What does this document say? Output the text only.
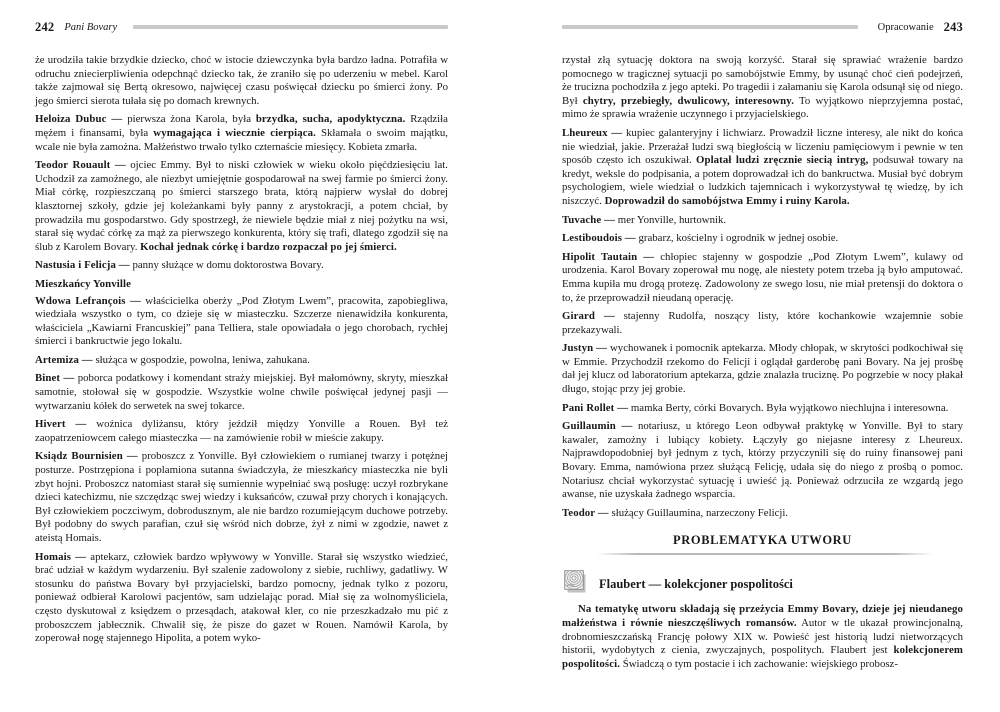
242 Pani Bovary

że urodziła takie brzydkie dziecko, choć w istocie dziewczynka była bardzo ładna. Potrafiła w odruchu zniecierpliwienia odepchnąć dziecko tak, że zraniło się po uderzeniu w mebel. Karol także zajmował się Bertą okresowo, najwięcej czasu poświęcał dziecku po śmierci żony. Po jego śmierci sierota tułała się po domach krewnych.

Heloiza Dubuc — pierwsza żona Karola, była brzydka, sucha, apodyktyczna. Rządziła mężem i finansami, była wymagająca i wiecznie cierpiąca. Skłamała o swoim majątku, wcale nie była zamożna. Małżeństwo trwało tylko czternaście miesięcy. Kobieta zmarła.

Teodor Rouault — ojciec Emmy. Był to niski człowiek w wieku około pięćdziesięciu lat. Uchodził za zamożnego, ale niezbyt umiejętnie gospodarował na swej farmie po śmierci żony. Miał córkę, rozpieszczaną po śmierci starszego brata, którą najpierw wysłał do dobrej klasztornej szkoły, gdzie jej koleżankami były panny z arystokracji, a potem chciał, by prowadziła mu gospodarstwo. Gdy spostrzegł, że niewiele będzie miał z niej pożytku na wsi, starał się wydać córkę za mąż za pierwszego konkurenta, który się trafi, dlatego zgodził się na ślub z Karolem Bovary. Kochał jednak córkę i bardzo rozpaczał po jej śmierci.

Nastusia i Felicja — panny służące w domu doktorostwa Bovary.

Mieszkańcy Yonville

Wdowa Lefrançois — właścicielka oberży „Pod Złotym Lwem”, pracowita, zapobiegliwa, wiedziała wszystko o tym, co dzieje się w miasteczku. Szczerze nienawidziła konkurenta, właściciela „Kawiarni Francuskiej” pana Telliera, stale opowiadała o jego chorobach, rychłej śmierci i bankructwie jego lokalu.

Artemiza — służąca w gospodzie, powolna, leniwa, zahukana.

Binet — poborca podatkowy i komendant straży miejskiej. Był małomówny, skryty, mieszkał samotnie, stołował się w gospodzie. Wszystkie wolne chwile poświęcał jedynej pasji — wytwarzaniu kółek do serwetek na swej tokarce.

Hivert — woźnica dyliżansu, który jeździł między Yonville a Rouen. Był też zaopatrzeniowcem całego miasteczka — na zamówienie robił w mieście zakupy.

Ksiądz Bournisien — proboszcz z Yonville. Był człowiekiem o rumianej twarzy i potężnej posturze. Postrzępiona i poplamiona sutanna świadczyła, że mieszkańcy miasteczka nie byli zbyt hojni. Proboszcz natomiast starał się sumiennie wypełniać swą posługę: uczył rozbrykane dzieci katechizmu, nie szczędząc swej wiedzy i kuksańców, czuwał przy chorych i konających. Był człowiekiem poczciwym, dobrodusznym, ale nie bardzo rozumiejącym duchowe potrzeby. Był podobny do swych parafian, czuł się wśród nich dobrze, żył z nimi w zgodzie, nawet z ateistą Homais.

Homais — aptekarz, człowiek bardzo wpływowy w Yonville. Starał się wszystko wiedzieć, brać udział w każdym wydarzeniu. Był szalenie zadowolony z siebie, ruchliwy, gadatliwy. W stosunku do państwa Bovary był przyjacielski, bardzo pomocny, jednak tylko z pozoru, ponieważ odbierał Karolowi pacjentów, sam udzielając porad. Miał się za wolnomyśliciela, często dyskutował z księdzem o przesądach, atakował kler, co nie przeszkadzało mu pić z proboszczem jabłecznik. Chwalił się, że pisze do gazet w Rouen. Namówił Karola, by zoperował nogę stajennego Hipolita, a potem wyko-

Opracowanie 243

rzystał złą sytuację doktora na swoją korzyść. Starał się sprawiać wrażenie bardzo pomocnego w tragicznej sytuacji po samobójstwie Emmy, by usunąć choć cień podejrzeń, że trucizna pochodziła z jego apteki. Po tragedii i załamaniu się Karola odsunął się od niego. Był chytry, przebiegły, dwulicowy, interesowny. To wyjątkowo nieprzyjemna postać, mimo że sprawia wrażenie uczynnego i przyjacielskiego.

Lheureux — kupiec galanteryjny i lichwiarz. Prowadził liczne interesy, ale nikt do końca nie wiedział, jakie. Przerażał ludzi swą biegłością w liczeniu pamięciowym i pewnie w ten sposób często ich oszukiwał. Oplatał ludzi zręcznie siecią intryg, podsuwał towary na kredyt, weksle do podpisania, a potem doprowadzał ich do bankructwa. Musiał być dobrym psychologiem, wiele wiedział o ludzkich tajemnicach i wykorzystywał tę wiedzę, by ich niszczyć. Doprowadził do samobójstwa Emmy i ruiny Karola.

Tuvache — mer Yonville, hurtownik.

Lestiboudois — grabarz, kościelny i ogrodnik w jednej osobie.

Hipolit Tautain — chłopiec stajenny w gospodzie „Pod Złotym Lwem”, kulawy od urodzenia. Karol Bovary zoperował mu nogę, ale niestety potem trzeba ją było amputować. Emma kupiła mu drogą protezę. Zadowolony ze swego losu, nie miał pretensji do doktora o to, że przeprowadził nieudaną operację.

Girard — stajenny Rudolfa, noszący listy, które kochankowie wzajemnie sobie przekazywali.

Justyn — wychowanek i pomocnik aptekarza. Młody chłopak, w skrytości podkochiwał się w Emmie. Przychodził rzekomo do Felicji i oglądał garderobę pani Bovary. Na jej prośbę dał jej klucz od laboratorium aptekarza, gdzie znalazła truciznę. Po pogrzebie w nocy płakał długo, stojąc przy jej grobie.

Pani Rollet — mamka Berty, córki Bovarych. Była wyjątkowo niechlujna i interesowna.

Guillaumin — notariusz, u którego Leon odbywał praktykę w Yonville. Był to stary kawaler, zamożny i lubiący kobiety. Łączyły go niejasne interesy z Lheureux. Najprawdopodobniej był jednym z tych, którzy przyczynili się do ruiny finansowej pani Bovary. Emma, namówiona przez służącą Felicję, udała się do niego z prośbą o pomoc. Notariusz chciał wykorzystać sytuację i uwieść ją. Ponieważ odrzuciła ze wzgardą jego awanse, nie uzyskała żadnego wsparcia.

Teodor — służący Guillaumina, narzeczony Felicji.

PROBLEMATYKA UTWORU
Flaubert — kolekcjoner pospolitości

Na tematykę utworu składają się przeżycia Emmy Bovary, dzieje jej nieudanego małżeństwa i równie nieszczęśliwych romansów. Autor w tle ukazał prowincjonalną, drobnomieszczańską Francję połowy XIX w. Powieść jest historią ludzi nietworzących historii, wydobytych z cienia, zwyczajnych, pospolitych. Flaubert jest kolekcjonerem pospolitości. Świadczą o tym postacie i ich zachowanie: wiejskiego probosz-
